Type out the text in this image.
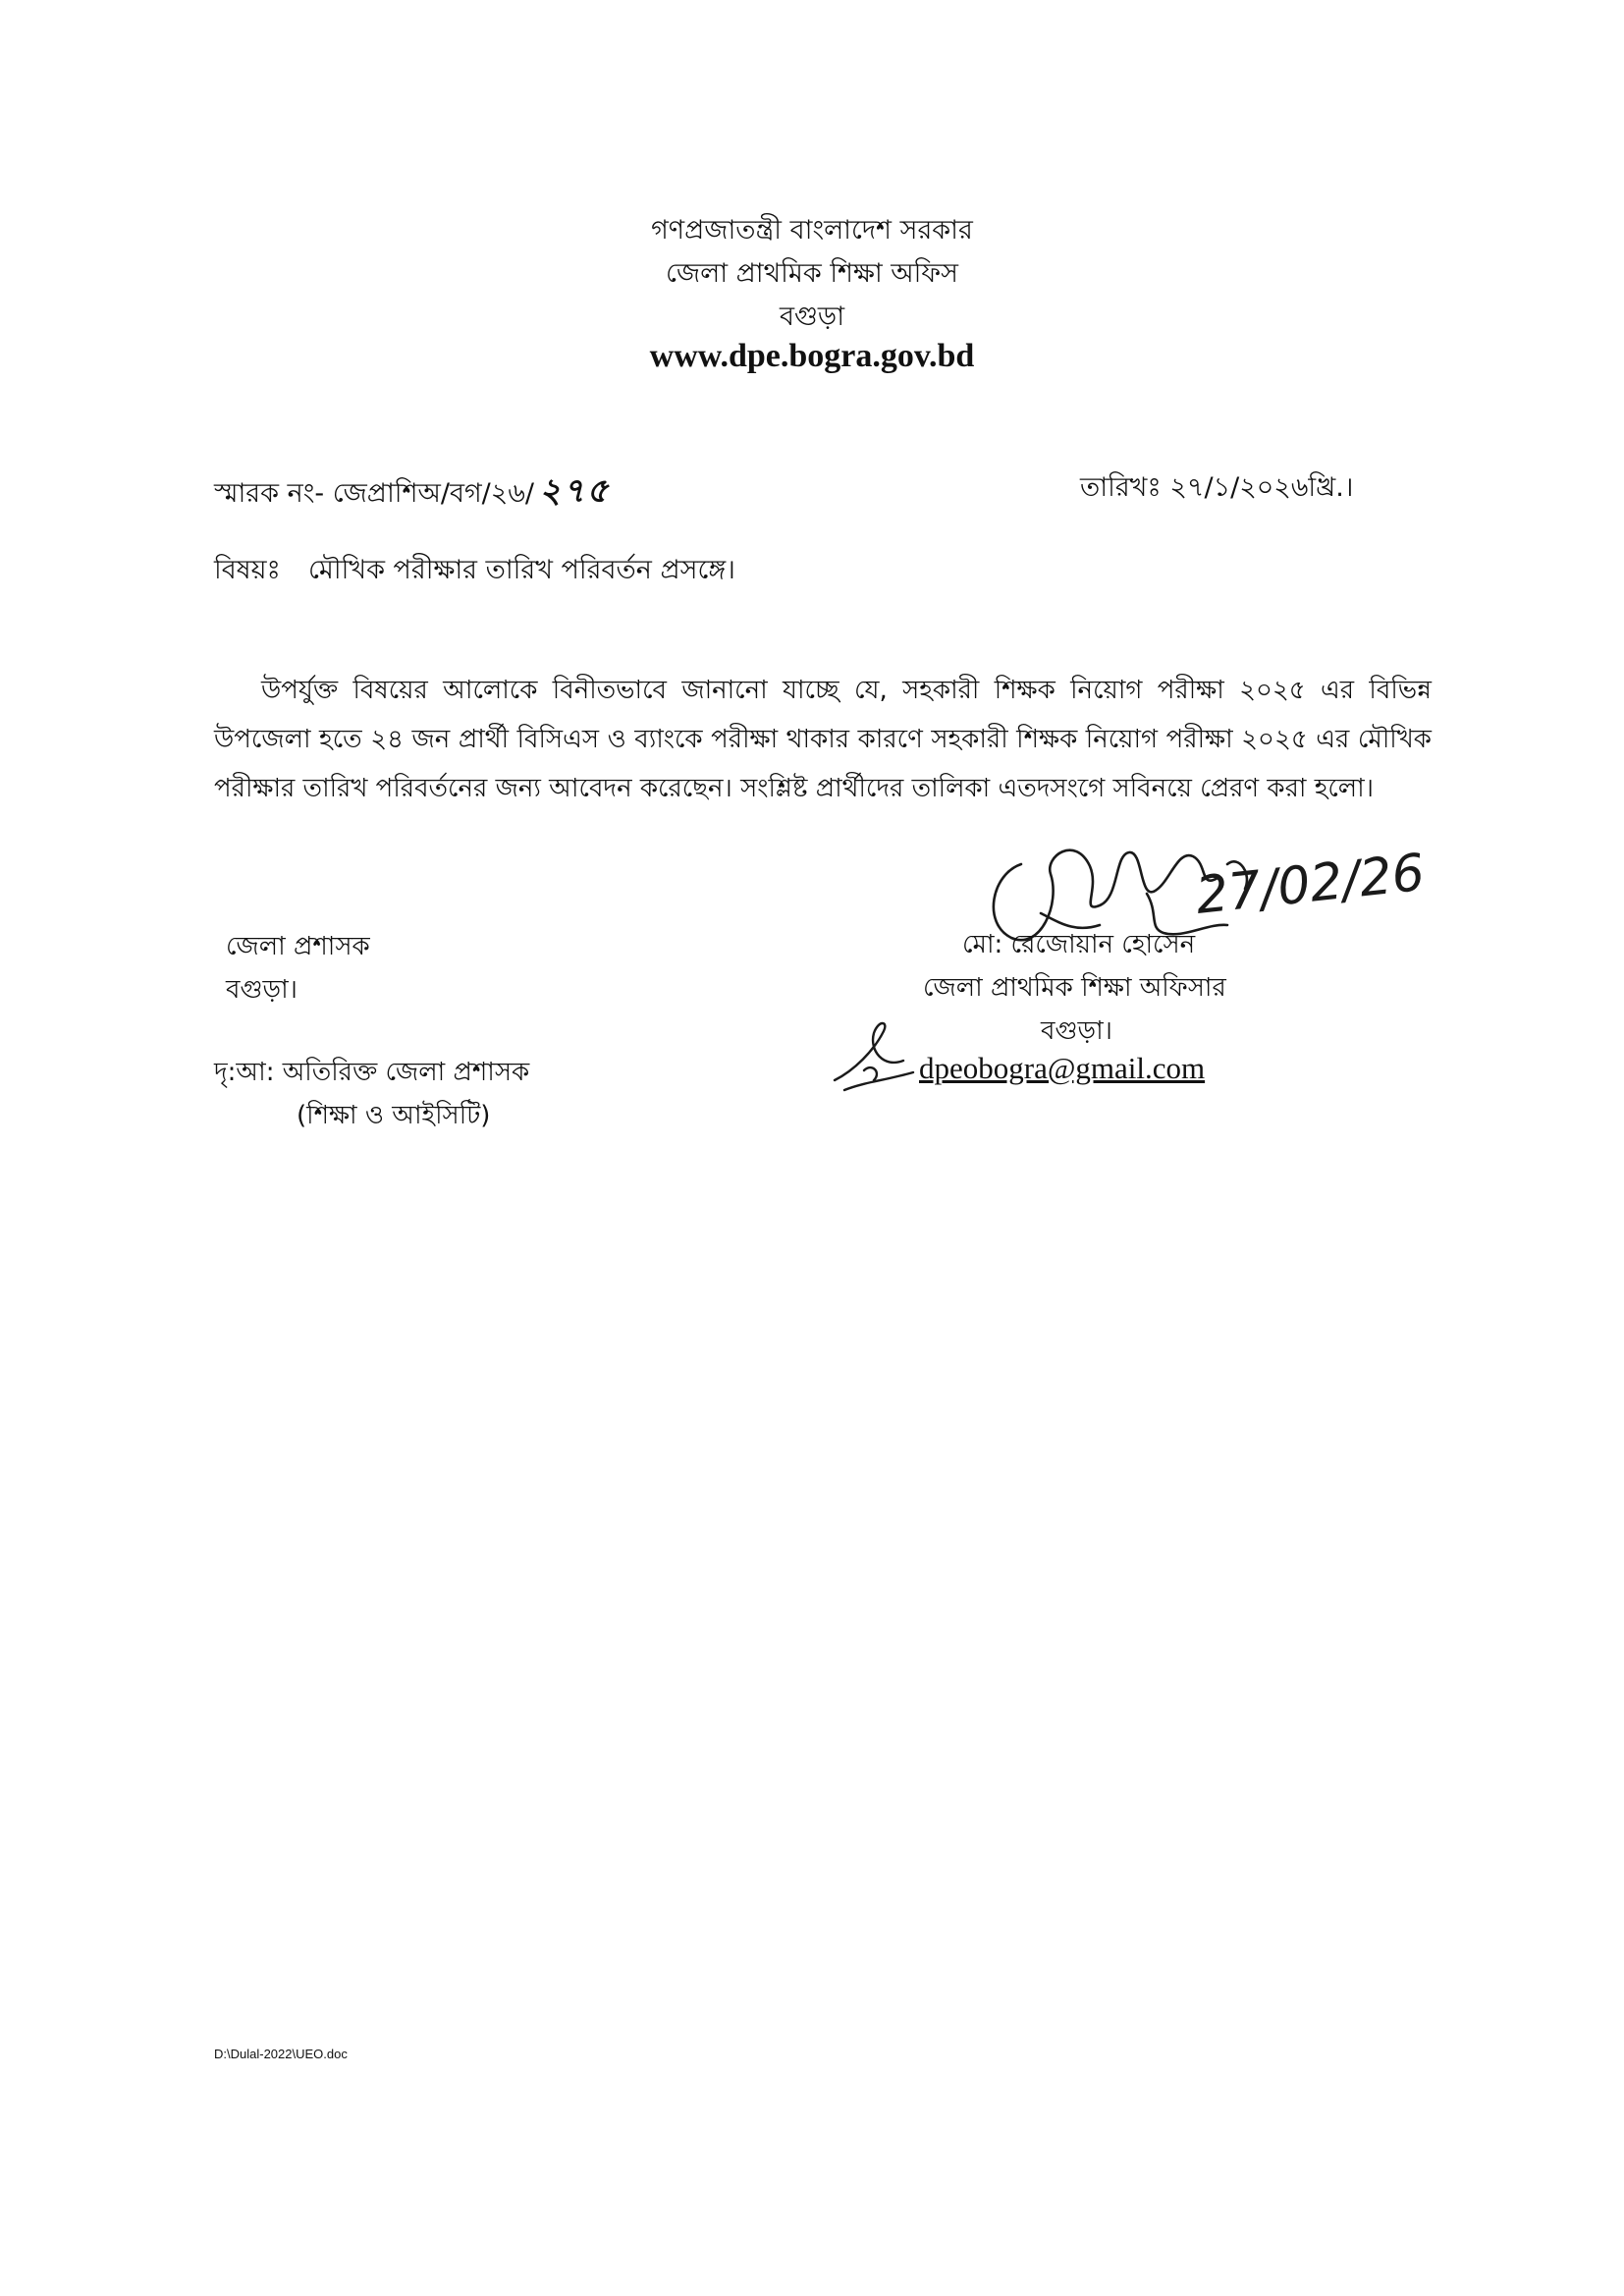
গণপ্রজাতন্ত্রী বাংলাদেশ সরকার
জেলা প্রাথমিক শিক্ষা অফিস
বগুড়া
www.dpe.bogra.gov.bd
স্মারক নং- জেপ্রাশিঅ/বগ/২৬/ ২৭৫	তারিখঃ ২৭/১/২০২৬খ্রি.।
বিষয়ঃ মৌখিক পরীক্ষার তারিখ পরিবর্তন প্রসঙ্গে।
উপর্যুক্ত বিষয়ের আলোকে বিনীতভাবে জানানো যাচ্ছে যে, সহকারী শিক্ষক নিয়োগ পরীক্ষা ২০২৫ এর বিভিন্ন উপজেলা হতে ২৪ জন প্রার্থী বিসিএস ও ব্যাংকে পরীক্ষা থাকার কারণে সহকারী শিক্ষক নিয়োগ পরীক্ষা ২০২৫ এর মৌখিক পরীক্ষার তারিখ পরিবর্তনের জন্য আবেদন করেছেন। সংশ্লিষ্ট প্রার্থীদের তালিকা এতদসংগে সবিনয়ে প্রেরণ করা হলো।
জেলা প্রশাসক
বগুড়া।
দৃ:আ: অতিরিক্ত জেলা প্রশাসক
(শিক্ষা ও আইসিটি)
27/02/26
মো: রেজোয়ান হোসেন
জেলা প্রাথমিক শিক্ষা অফিসার
বগুড়া।
dpeobogra@gmail.com
D:\Dulal-2022\UEO.doc
